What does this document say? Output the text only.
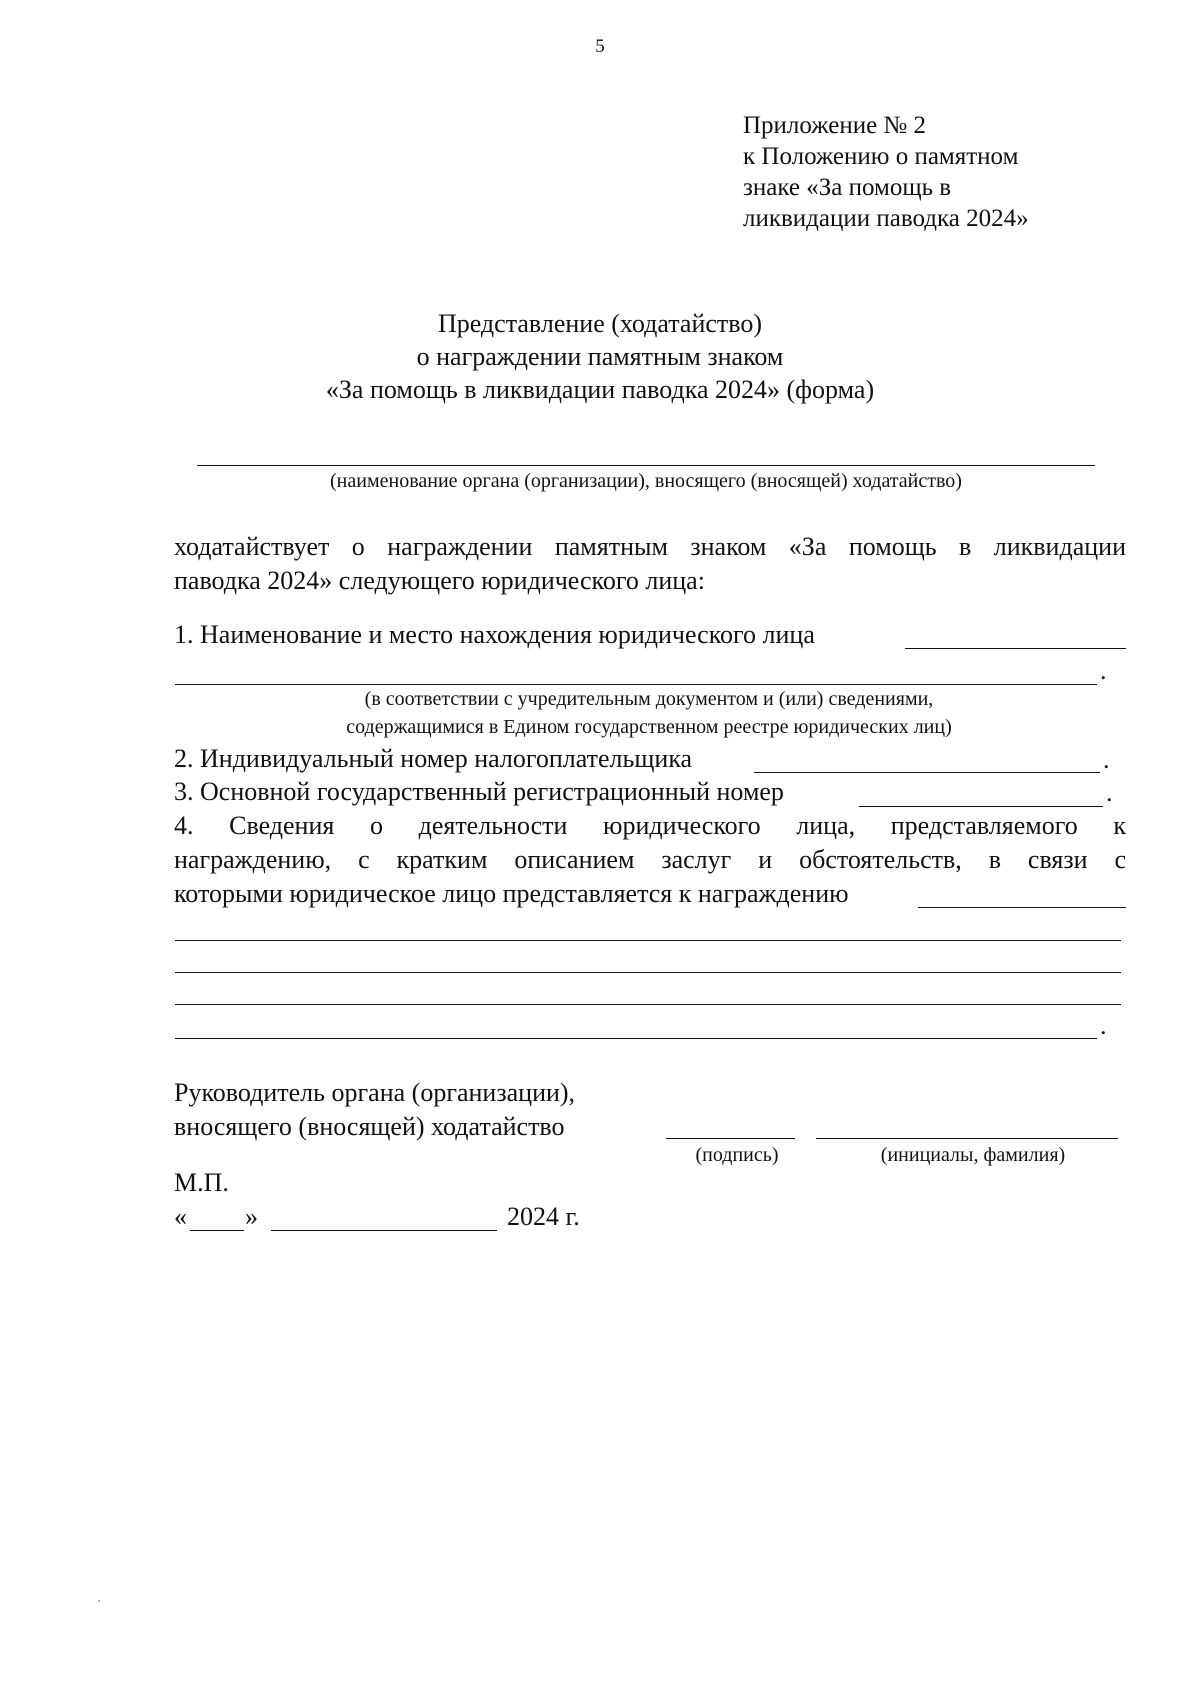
5
Приложение № 2
к Положению о памятном
знаке «За помощь в
ликвидации паводка 2024»
Представление (ходатайство)
о награждении памятным знаком
«За помощь в ликвидации паводка 2024» (форма)
(наименование органа (организации), вносящего (вносящей) ходатайство)
ходатайствует о награждении памятным знаком «За помощь в ликвидации
паводка 2024» следующего юридического лица:
1. Наименование и место нахождения юридического лица
.
(в соответствии с учредительным документом и (или) сведениями,
содержащимися в Едином государственном реестре юридических лиц)
2. Индивидуальный номер налогоплательщика	.
3. Основной государственный регистрационный номер	.
4. Сведения о деятельности юридического лица, представляемого к
награждению, с кратким описанием заслуг и обстоятельств, в связи с
которыми юридическое лицо представляется к награждению
.
Руководитель органа (организации),
вносящего (вносящей) ходатайство
(подпись)	(инициалы, фамилия)
М.П.
« »	2024 г.
